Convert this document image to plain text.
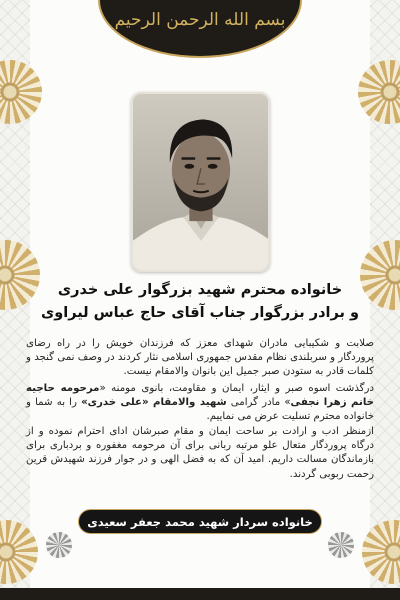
بسم الله الرحمن الرحیم
خانواده محترم شهید بزرگوار علی خدری
و برادر بزرگوار جناب آقای حاج عباس لیراوی
صلابت و شکیبایی مادران شهدای معزز که فرزندان خویش را در راه رضای پروردگار و سربلندی نظام مقدس جمهوری اسلامی نثار کردند در وصف نمی گنجد و کلمات قادر به ستودن صبر جمیل این بانوان والامقام نیست.
درگذشت اسوه صبر و ایثار، ایمان و مقاومت، بانوی مومنه «مرحومه حاجیه خانم زهرا نجفی» مادر گرامی شهید والامقام «علی خدری» را به شما و خانواده محترم تسلیت عرض می نماییم.
ازمنظر ادب و ارادت بر ساحت ایمان و مقام صبرشان ادای احترام نموده و از درگاه پروردگار متعال علو مرتبه ربانی برای آن مرحومه مغفوره و بردباری برای بازماندگان مسالت داریم. امید آن که به فضل الهی و در جوار فرزند شهیدش قرین رحمت ربوبی گردند.
خانواده سردار شهید محمد جعفر سعیدی
